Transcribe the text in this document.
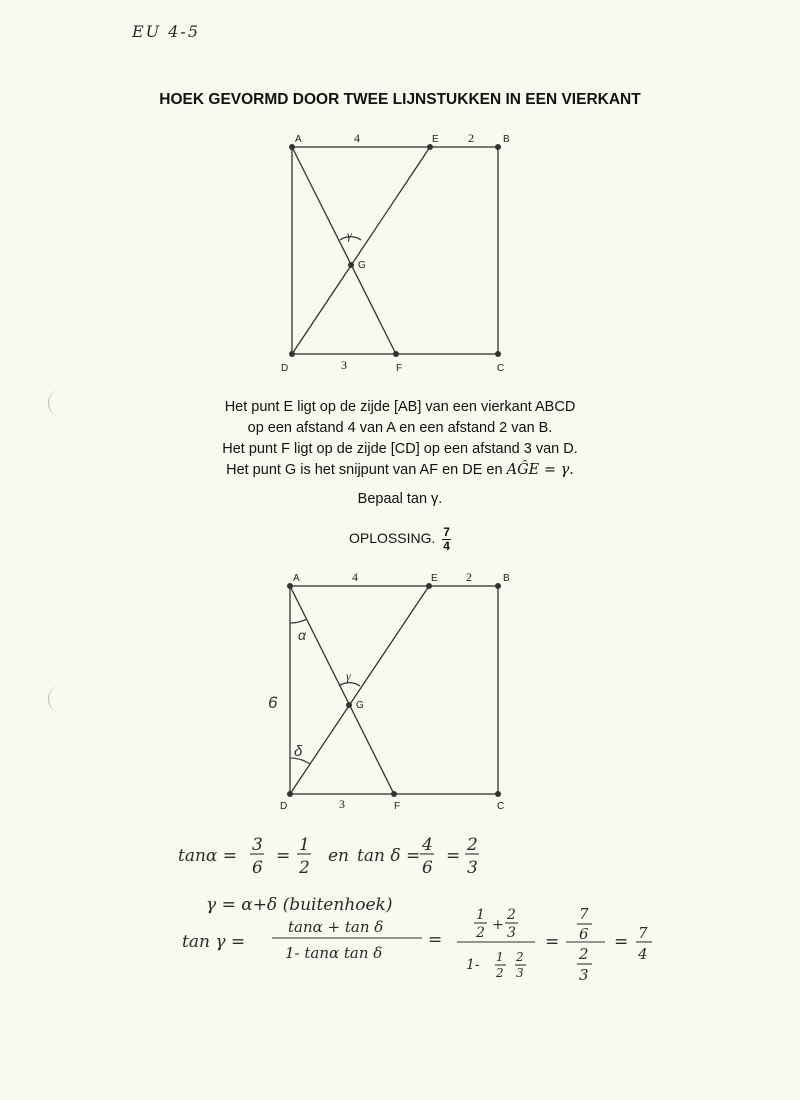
EU 4-5
HOEK GEVORMD DOOR TWEE LIJNSTUKKEN IN EEN VIERKANT
A	E	B
D	F	C
G
4	2
3
γ
Het punt E ligt op de zijde [AB] van een vierkant ABCD
op een afstand 4 van A en een afstand 2 van B.
Het punt F ligt op de zijde [CD] op een afstand 3 van D.
Het punt G is het snijpunt van AF en DE en AĜE = γ.
Bepaal tan γ.
OPLOSSING. $\frac{7}{4}$
A	E	B
D	F	C
G
4	2
3
γ
6
α
δ
tanα =
3
6
=
1
2
en tan δ =
4
6
=
2
3
γ = α+δ (buitenhoek)
tan γ =
tanα + tan δ
1- tanα tan δ
=
1
2 +
2
3
1- 1
2
2
3
=
7
6
2
3
= 7
4
